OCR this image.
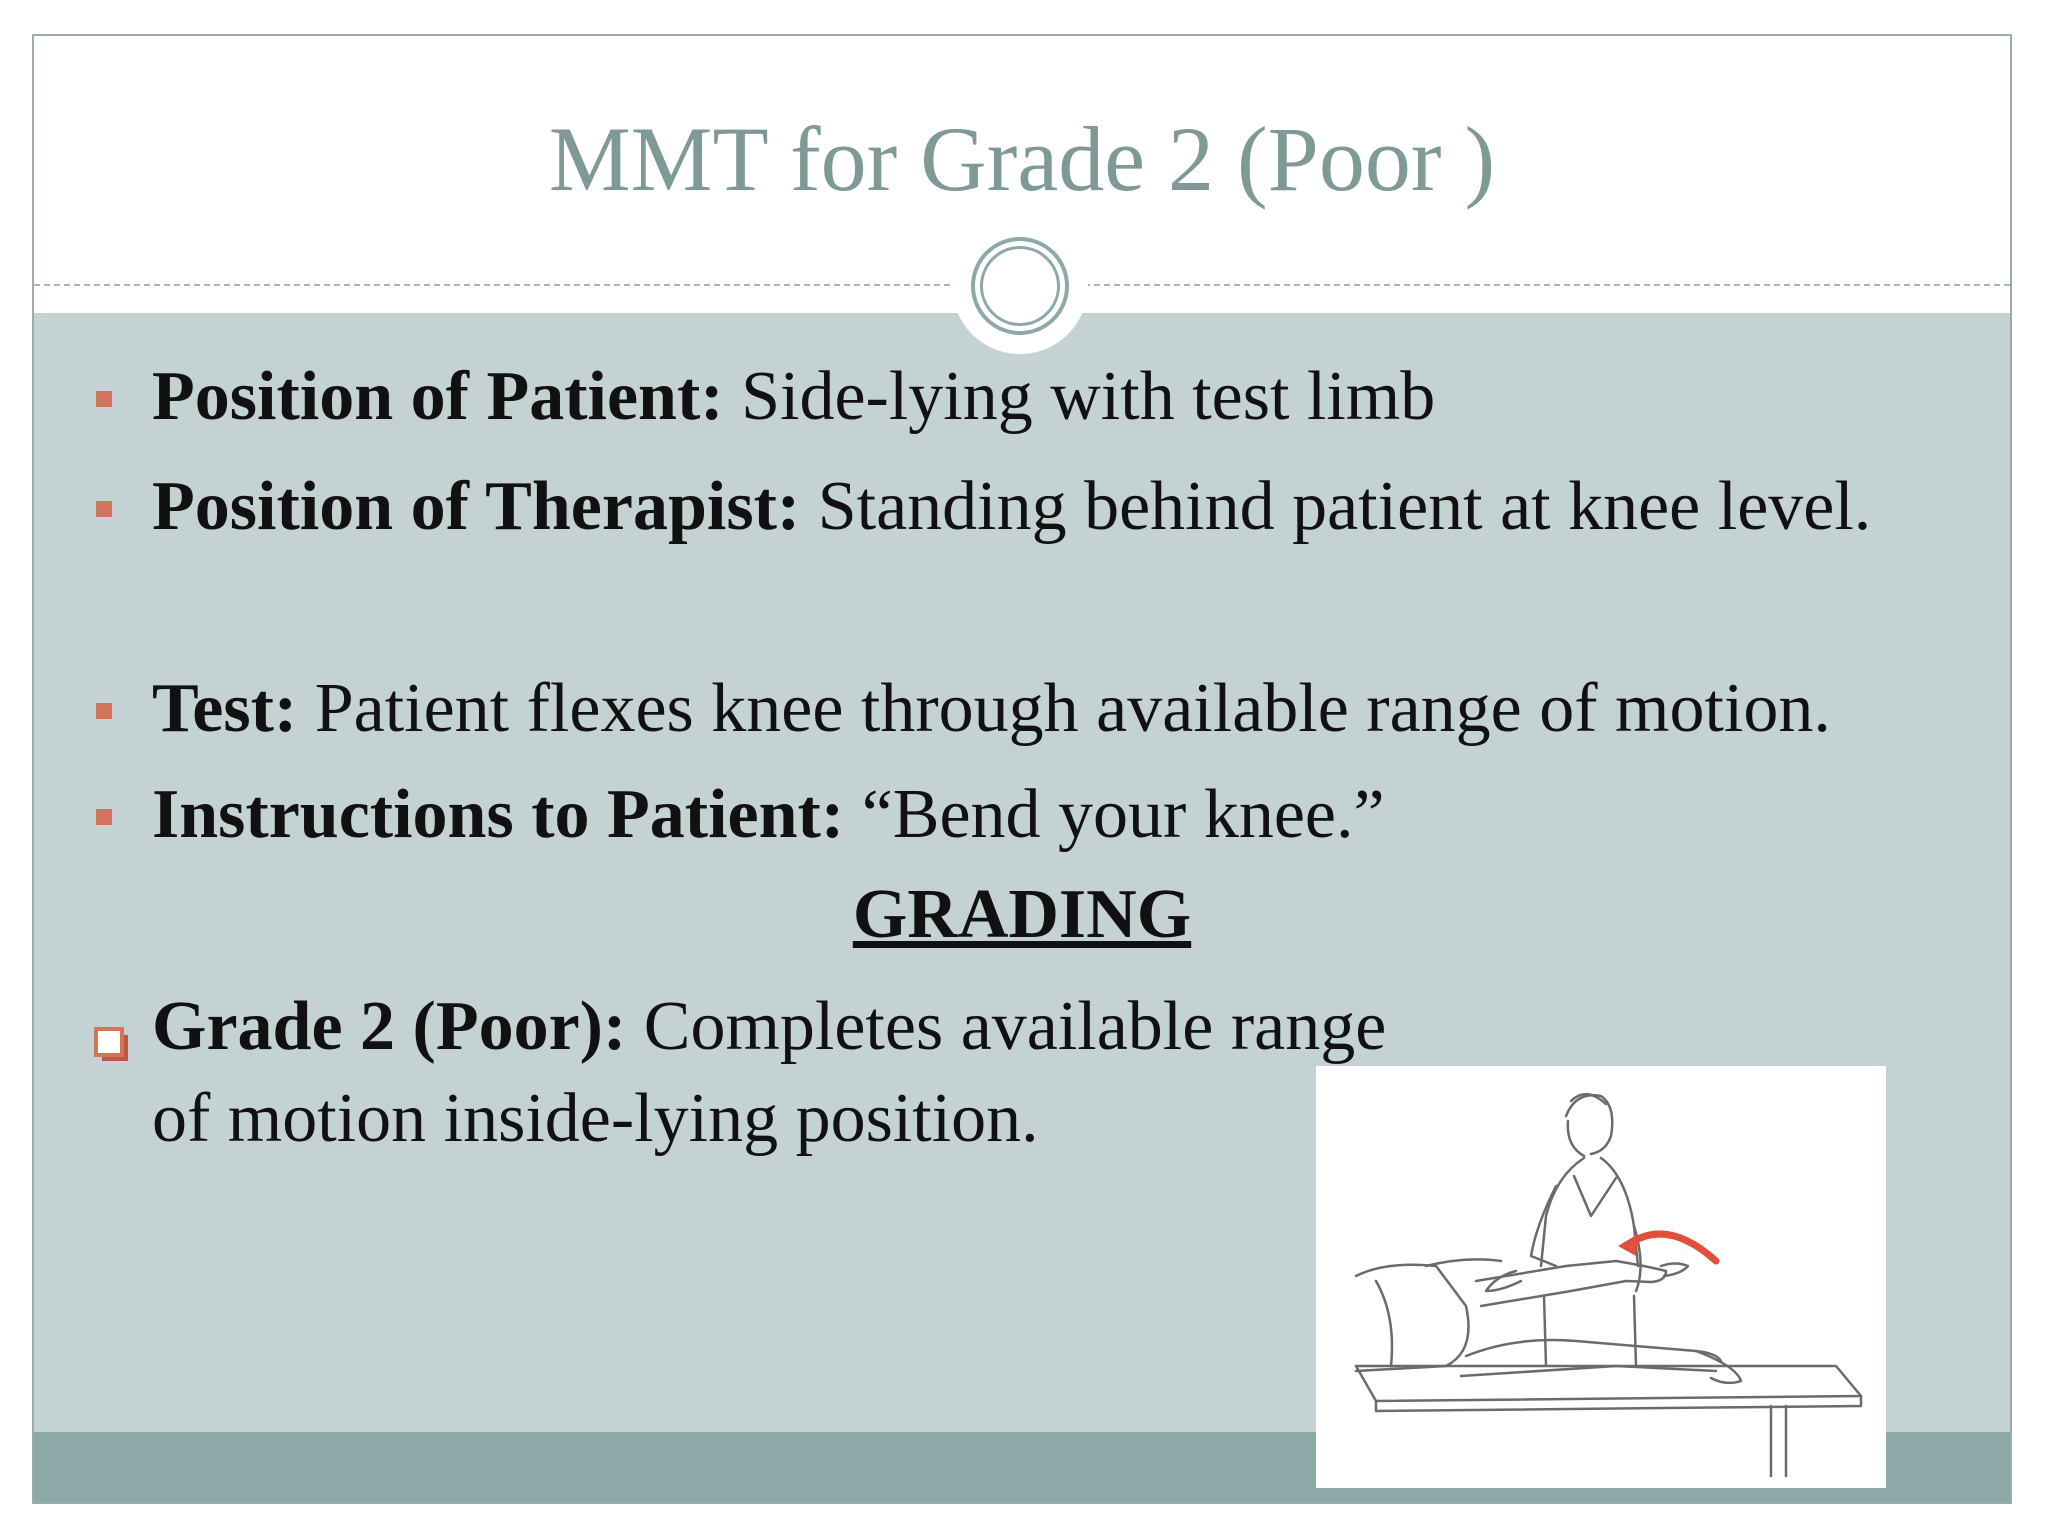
MMT for Grade 2 (Poor )
Position of Patient: Side-lying with test limb
Position of Therapist: Standing behind patient at knee level.
Test: Patient flexes knee through available range of motion.
Instructions to Patient: “Bend your knee.”
GRADING
Grade 2 (Poor): Completes available range of motion inside-lying position.
